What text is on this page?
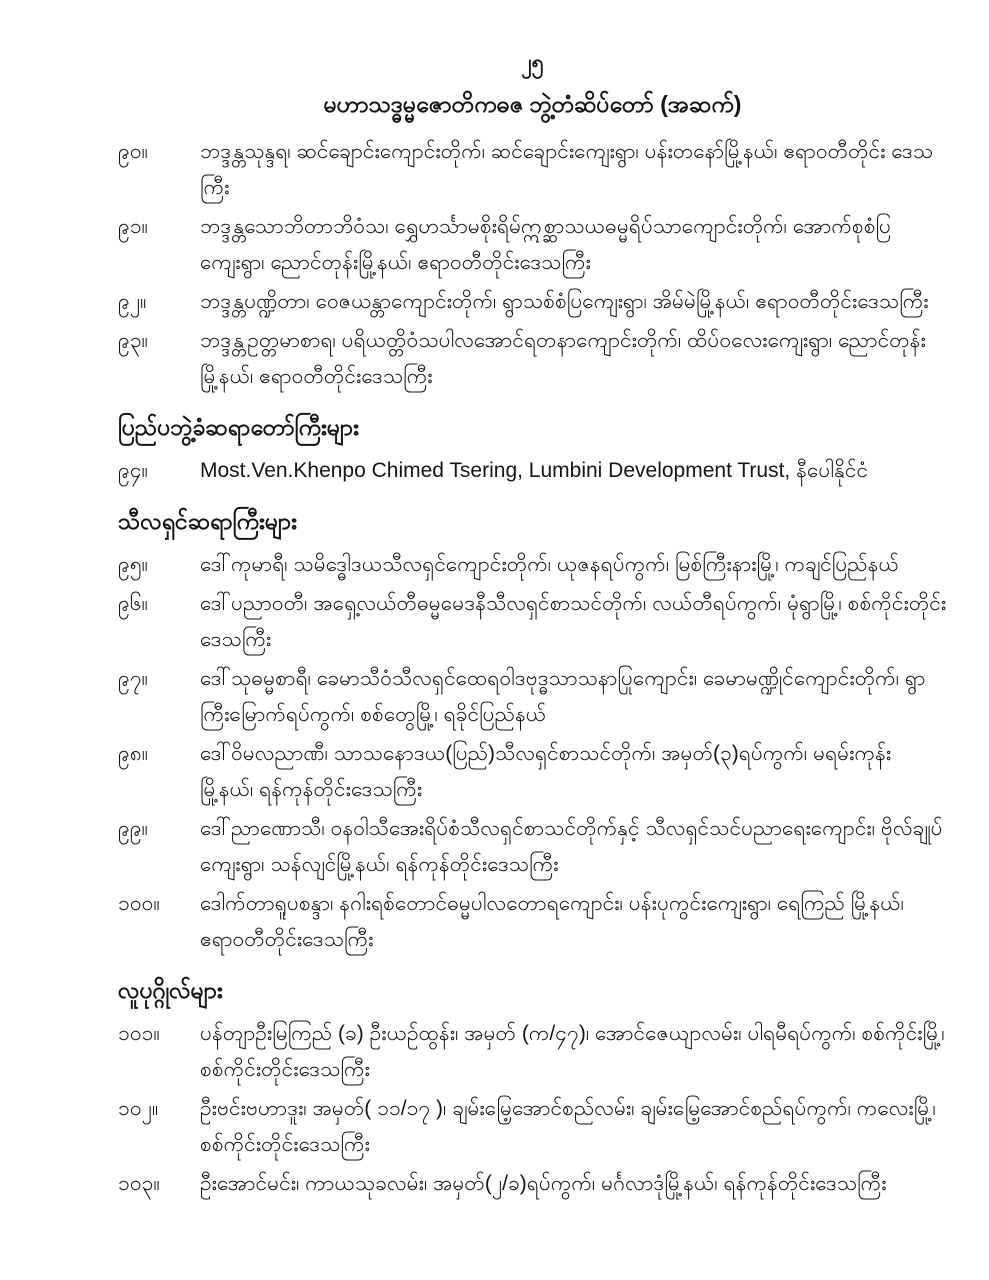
၂၅
မဟာသဒ္ဓမ္မဇောတိကဓဇ ဘွဲ့တံဆိပ်တော် (အဆက်)
၉၀။	ဘဒ္ဒန္တသုန္ဒရ၊ ဆင်ချောင်းကျောင်းတိုက်၊ ဆင်ချောင်းကျေးရွာ၊ ပန်းတနော်မြို့နယ်၊ ဧရာဝတီတိုင်း ဒေသကြီး
၉၁။	ဘဒ္ဒန္တသောဘိတာဘိဝံသ၊ ရွှေဟင်္သာမစိုးရိမ်ဣစ္ဆာသယဓမ္မရိပ်သာကျောင်းတိုက်၊ အောက်စုစံပြ ကျေးရွာ၊ ညောင်တုန်းမြို့နယ်၊ ဧရာဝတီတိုင်းဒေသကြီး
၉၂။	ဘဒ္ဒန္တပဏ္ဍိတာ၊ ဝေဇယန္တာကျောင်းတိုက်၊ ရွာသစ်စံပြကျေးရွာ၊ အိမ်မဲမြို့နယ်၊ ဧရာဝတီတိုင်းဒေသကြီး
၉၃။	ဘဒ္ဒန္တဥတ္တမာစာရ၊ ပရိယတ္တိဝံသပါလအောင်ရတနာကျောင်းတိုက်၊ ထိပ်ဝလေးကျေးရွာ၊ ညောင်တုန်းမြို့နယ်၊ ဧရာဝတီတိုင်းဒေသကြီး
ပြည်ပဘွဲ့ခံဆရာတော်ကြီးများ
၉၄။	Most.Ven.Khenpo Chimed Tsering, Lumbini Development Trust, နီပေါနိုင်ငံ
သီလရှင်ဆရာကြီးများ
၉၅။	ဒေါ်ကုမာရီ၊ သမိဒ္ဓေါဒယသီလရှင်ကျောင်းတိုက်၊ ယုဇနရပ်ကွက်၊ မြစ်ကြီးနားမြို့၊ ကချင်ပြည်နယ်
၉၆။	ဒေါ်ပညာဝတီ၊ အရှေ့လယ်တီဓမ္မမေဒနီသီလရှင်စာသင်တိုက်၊ လယ်တီရပ်ကွက်၊ မုံရွာမြို့၊ စစ်ကိုင်းတိုင်းဒေသကြီး
၉၇။	ဒေါ်သုဓမ္မစာရီ၊ ခေမာသီဝံသီလရှင်ထေရဝါဒဗုဒ္ဓသာသနာပြုကျောင်း၊ ခေမာမဏ္ဍိုင်ကျောင်းတိုက်၊ ရွာကြီးမြောက်ရပ်ကွက်၊ စစ်တွေမြို့၊ ရခိုင်ပြည်နယ်
၉၈။	ဒေါ်ဝိမလညာဏီ၊ သာသနောဒယ(ပြည်)သီလရှင်စာသင်တိုက်၊ အမှတ်(၃)ရပ်ကွက်၊ မရမ်းကုန်း မြို့နယ်၊ ရန်ကုန်တိုင်းဒေသကြီး
၉၉။	ဒေါ်ညာဏောသီ၊ ဝနဝါသီအေးရိပ်စံသီလရှင်စာသင်တိုက်နှင့် သီလရှင်သင်ပညာရေးကျောင်း၊ ဗိုလ်ချုပ်ကျေးရွာ၊ သန်လျင်မြို့နယ်၊ ရန်ကုန်တိုင်းဒေသကြီး
၁၀၀။	ဒေါက်တာရူပစန္ဒာ၊ နဂါးရစ်တောင်ဓမ္မပါလတောရကျောင်း၊ ပန်းပုကွင်းကျေးရွာ၊ ရေကြည် မြို့နယ်၊ ဧရာဝတီတိုင်းဒေသကြီး
လူပုဂ္ဂိုလ်များ
၁၀၁။	ပန်တျာဦးမြကြည် (ခ) ဦးယဉ်ထွန်း၊ အမှတ် (က/၄၇)၊ အောင်ဇေယျာလမ်း၊ ပါရမီရပ်ကွက်၊ စစ်ကိုင်းမြို့၊ စစ်ကိုင်းတိုင်းဒေသကြီး
၁၀၂။	ဦးဗင်းဗဟာဒူး၊ အမှတ်( ၁၁/၁၇ )၊ ချမ်းမြေ့အောင်စည်လမ်း၊ ချမ်းမြေ့အောင်စည်ရပ်ကွက်၊ ကလေးမြို့၊ စစ်ကိုင်းတိုင်းဒေသကြီး
၁၀၃။	ဦးအောင်မင်း၊ ကာယသုခလမ်း၊ အမှတ်(၂/ခ)ရပ်ကွက်၊ မင်္ဂလာဒုံမြို့နယ်၊ ရန်ကုန်တိုင်းဒေသကြီး
